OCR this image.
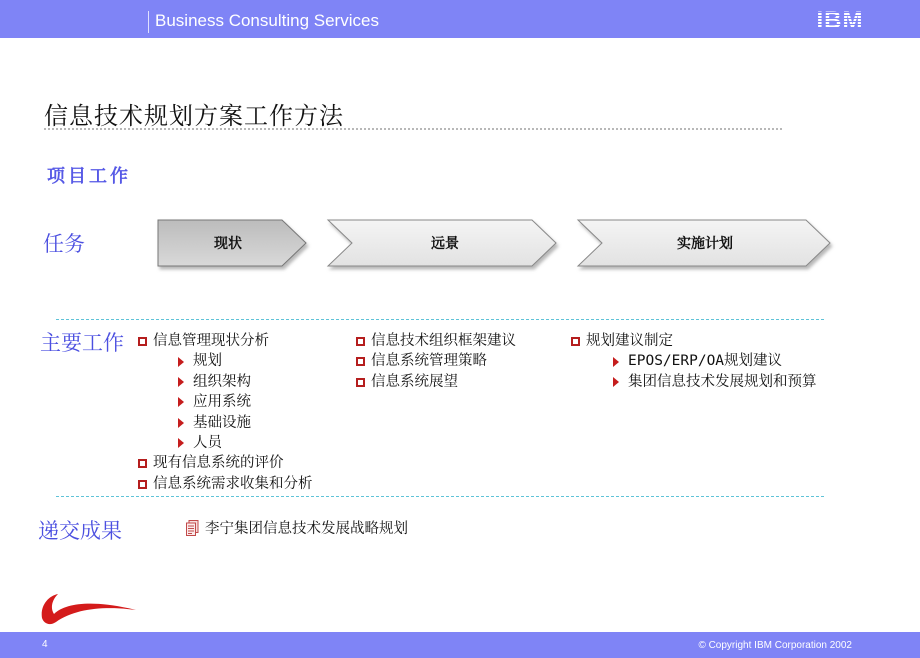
Business Consulting Services	IBM
信息技术规划方案工作方法
项目工作
任务
主要工作
递交成果
现状	远景	实施计划
信息管理现状分析
规划
组织架构
应用系统
基础设施
人员
现有信息系统的评价
信息系统需求收集和分析
信息技术组织框架建议
信息系统管理策略
信息系统展望
规划建议制定
EPOS/ERP/OA规划建议
集团信息技术发展规划和预算
李宁集团信息技术发展战略规划
4	© Copyright IBM Corporation 2002
